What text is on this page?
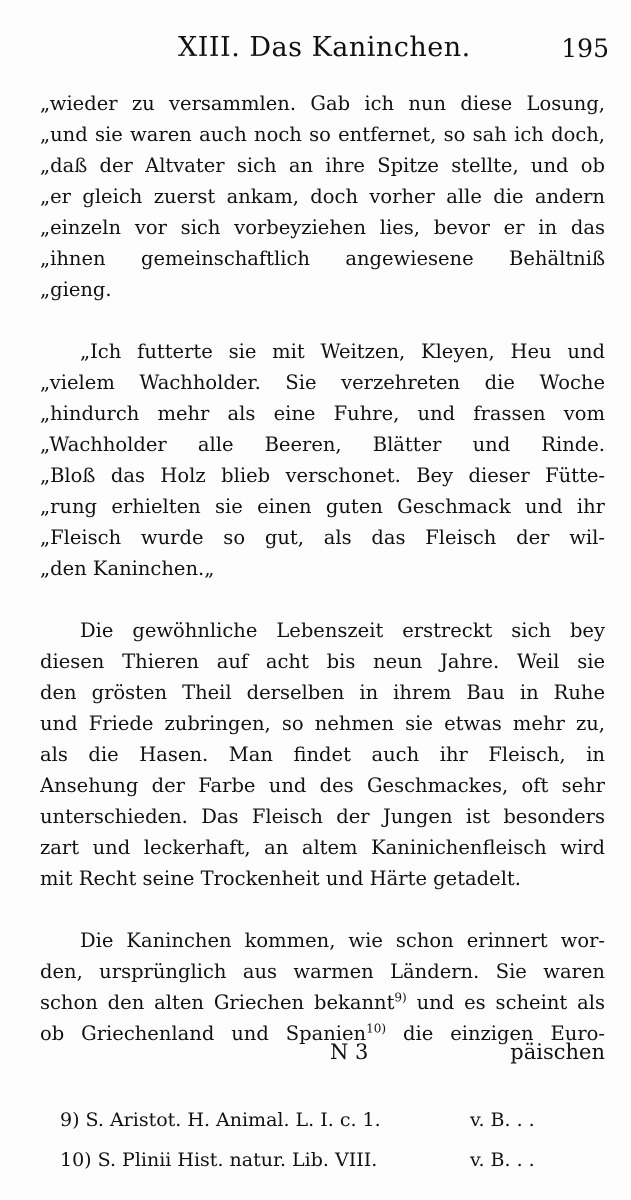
XIII. Das Kaninchen.	195
„wieder zu versammlen. Gab ich nun diese Losung,
„und sie waren auch noch so entfernet, so sah ich doch,
„daß der Altvater sich an ihre Spitze stellte, und ob
„er gleich zuerst ankam, doch vorher alle die andern
„einzeln vor sich vorbeyziehen lies, bevor er in das
„ihnen gemeinschaftlich angewiesene Behältniß
„gieng.
„Ich futterte sie mit Weitzen, Kleyen, Heu und
„vielem Wachholder. Sie verzehreten die Woche
„hindurch mehr als eine Fuhre, und frassen vom
„Wachholder alle Beeren, Blätter und Rinde.
„Bloß das Holz blieb verschonet. Bey dieser Fütte-
„rung erhielten sie einen guten Geschmack und ihr
„Fleisch wurde so gut, als das Fleisch der wil-
„den Kaninchen.„
Die gewöhnliche Lebenszeit erstreckt sich bey
diesen Thieren auf acht bis neun Jahre. Weil sie
den grösten Theil derselben in ihrem Bau in Ruhe
und Friede zubringen, so nehmen sie etwas mehr zu,
als die Hasen. Man findet auch ihr Fleisch, in
Ansehung der Farbe und des Geschmackes, oft sehr
unterschieden. Das Fleisch der Jungen ist besonders
zart und leckerhaft, an altem Kaninichenfleisch wird
mit Recht seine Trockenheit und Härte getadelt.
Die Kaninchen kommen, wie schon erinnert wor-
den, ursprünglich aus warmen Ländern. Sie waren
schon den alten Griechen bekannt$^{9)}$ und es scheint als
ob Griechenland und Spanien$^{10)}$ die einzigen Euro-
N 3	päischen
9) S. Aristot. H. Animal. L. I. c. 1.	v. B. . .
10) S. Plinii Hist. natur. Lib. VIII.	v. B. . .
